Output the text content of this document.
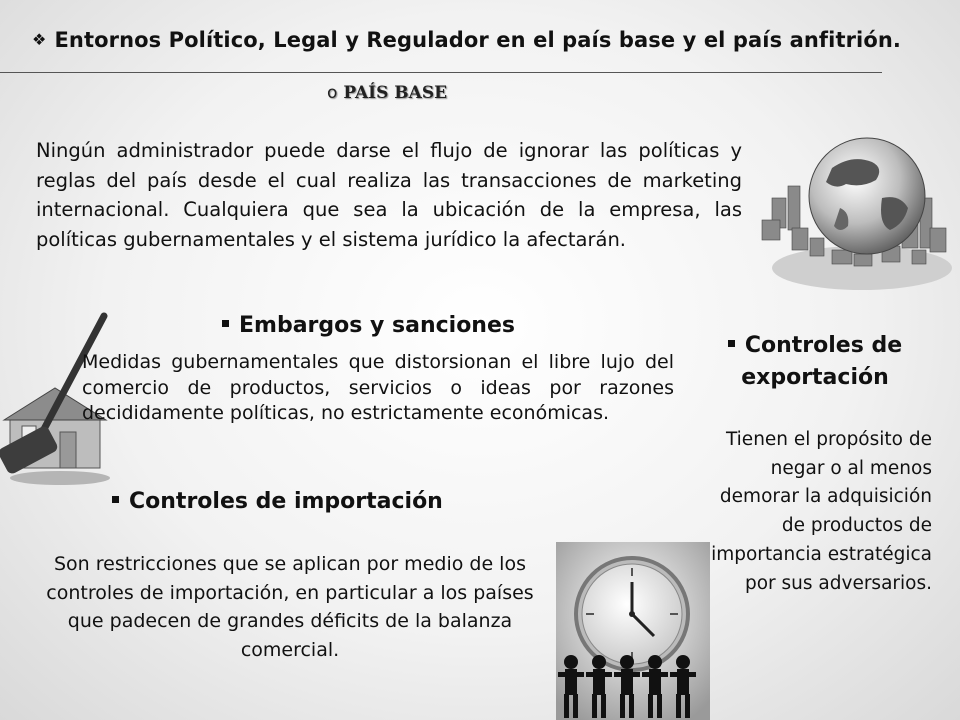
❖ Entornos Político, Legal y Regulador en el país base y el país anfitrión.
o PAÍS BASE
Ningún administrador puede darse el flujo de ignorar las políticas y reglas del país desde el cual realiza las transacciones de marketing internacional. Cualquiera que sea la ubicación de la empresa, las políticas gubernamentales y el sistema jurídico la afectarán.
Embargos y sanciones
Medidas gubernamentales que distorsionan el libre lujo del comercio de productos, servicios o ideas por razones decididamente políticas, no estrictamente económicas.
Controles de exportación
Tienen el propósito de negar o al menos demorar la adquisición de productos de importancia estratégica por sus adversarios.
Controles de importación
Son restricciones que se aplican por medio de los controles de importación, en particular a los países que padecen de grandes déficits de la balanza comercial.
